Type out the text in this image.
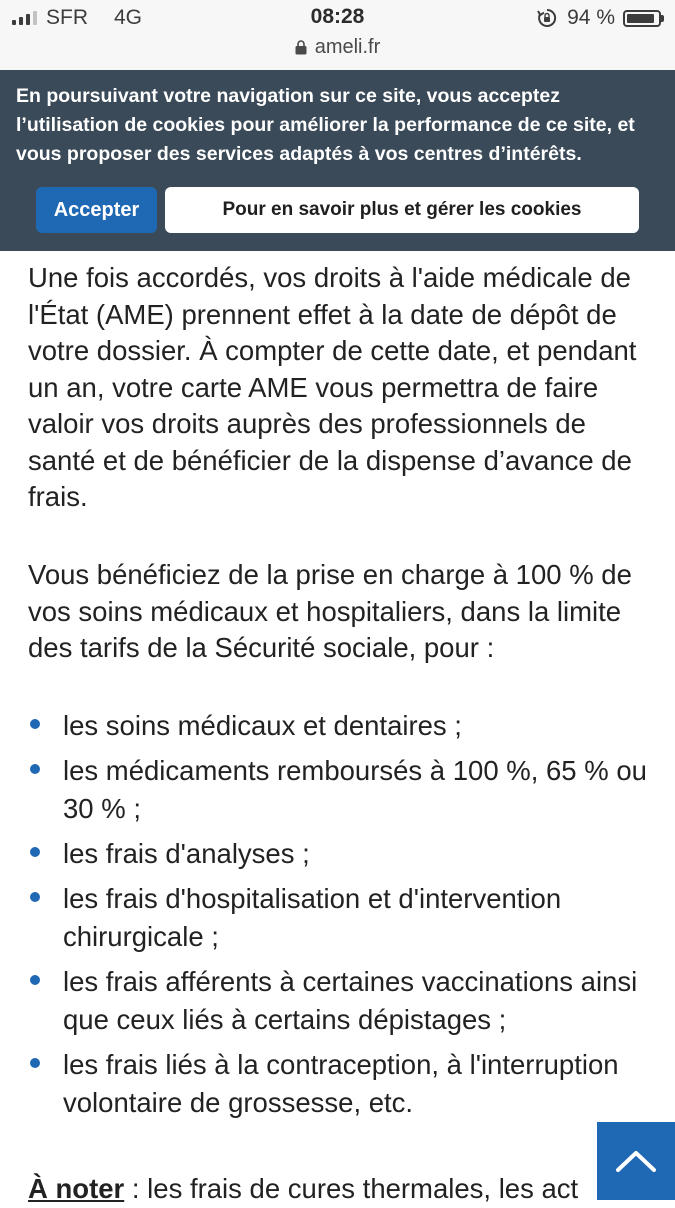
SFR 4G	08:28	94 %
ameli.fr
En poursuivant votre navigation sur ce site, vous acceptez l’utilisation de cookies pour améliorer la performance de ce site, et vous proposer des services adaptés à vos centres d’intérêts.
Accepter	Pour en savoir plus et gérer les cookies

Une fois accordés, vos droits à l'aide médicale de l'État (AME) prennent effet à la date de dépôt de votre dossier. À compter de cette date, et pendant un an, votre carte AME vous permettra de faire valoir vos droits auprès des professionnels de santé et de bénéficier de la dispense d’avance de frais.

Vous bénéficiez de la prise en charge à 100 % de vos soins médicaux et hospitaliers, dans la limite des tarifs de la Sécurité sociale, pour :

les soins médicaux et dentaires ;
les médicaments remboursés à 100 %, 65 % ou 30 % ;
les frais d'analyses ;
les frais d'hospitalisation et d'intervention chirurgicale ;
les frais afférents à certaines vaccinations ainsi que ceux liés à certains dépistages ;
les frais liés à la contraception, à l'interruption volontaire de grossesse, etc.
À noter : les frais de cures thermales, les act
